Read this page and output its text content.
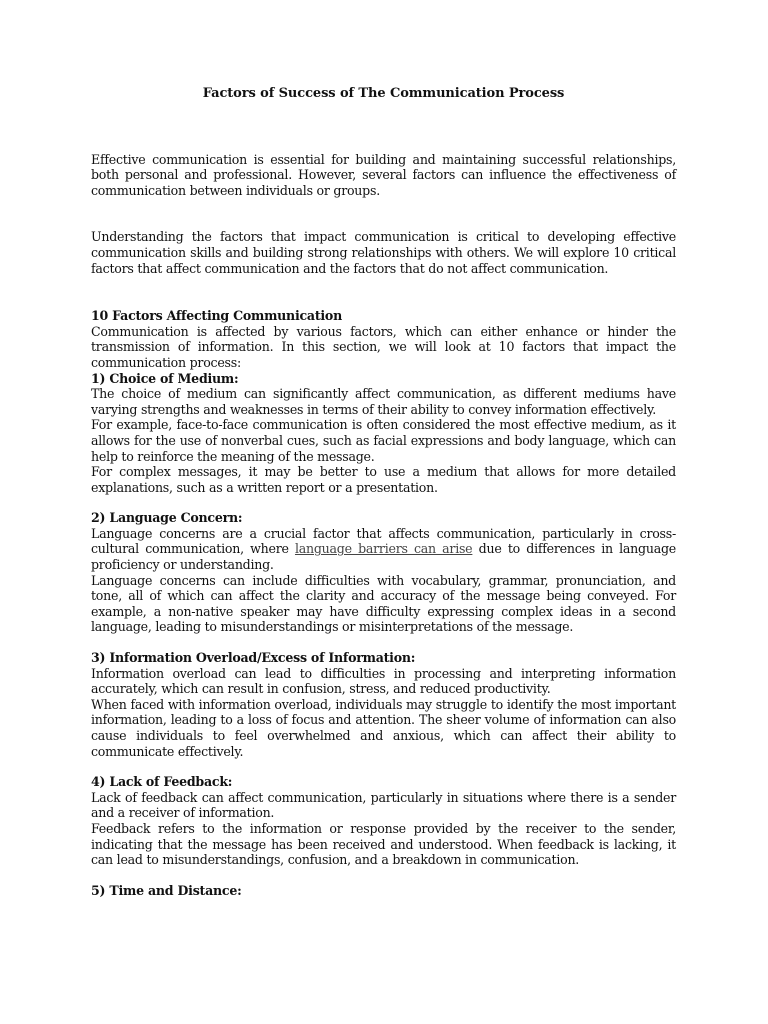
Factors of Success of The Communication Process

Effective communication is essential for building and maintaining successful relationships, both personal and professional. However, several factors can influence the effectiveness of communication between individuals or groups.

Understanding the factors that impact communication is critical to developing effective communication skills and building strong relationships with others. We will explore 10 critical factors that affect communication and the factors that do not affect communication.

10 Factors Affecting Communication

Communication is affected by various factors, which can either enhance or hinder the transmission of information. In this section, we will look at 10 factors that impact the communication process:

1) Choice of Medium:

The choice of medium can significantly affect communication, as different mediums have varying strengths and weaknesses in terms of their ability to convey information effectively.

For example, face-to-face communication is often considered the most effective medium, as it allows for the use of nonverbal cues, such as facial expressions and body language, which can help to reinforce the meaning of the message.

For complex messages, it may be better to use a medium that allows for more detailed explanations, such as a written report or a presentation.

2) Language Concern:

Language concerns are a crucial factor that affects communication, particularly in cross-cultural communication, where language barriers can arise due to differences in language proficiency or understanding.

Language concerns can include difficulties with vocabulary, grammar, pronunciation, and tone, all of which can affect the clarity and accuracy of the message being conveyed. For example, a non-native speaker may have difficulty expressing complex ideas in a second language, leading to misunderstandings or misinterpretations of the message.

3) Information Overload/Excess of Information:

Information overload can lead to difficulties in processing and interpreting information accurately, which can result in confusion, stress, and reduced productivity.

When faced with information overload, individuals may struggle to identify the most important information, leading to a loss of focus and attention. The sheer volume of information can also cause individuals to feel overwhelmed and anxious, which can affect their ability to communicate effectively.

4) Lack of Feedback:

Lack of feedback can affect communication, particularly in situations where there is a sender and a receiver of information.

Feedback refers to the information or response provided by the receiver to the sender, indicating that the message has been received and understood. When feedback is lacking, it can lead to misunderstandings, confusion, and a breakdown in communication.

5) Time and Distance:
